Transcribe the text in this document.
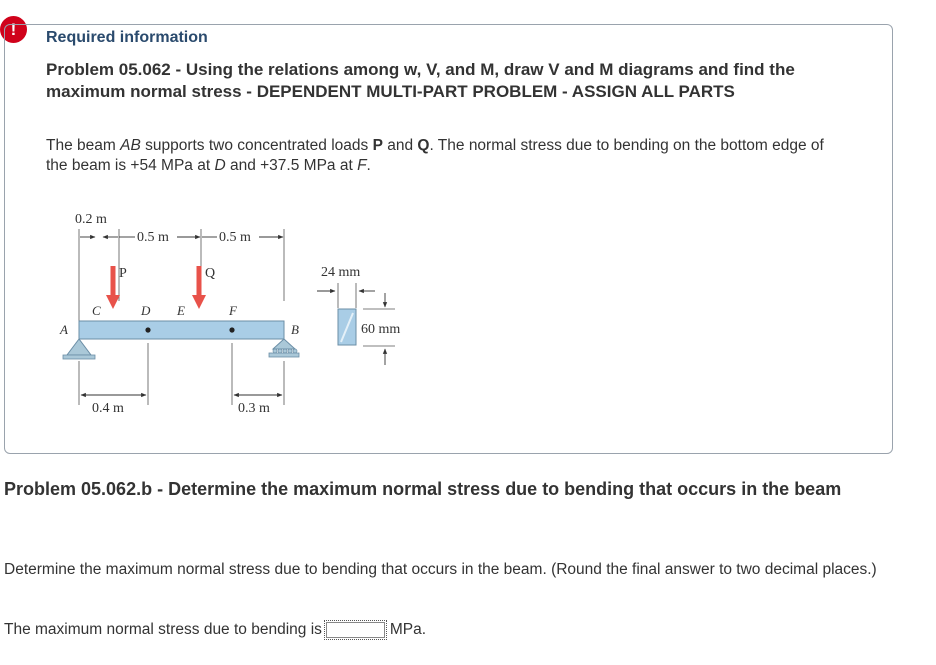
!	Required information
Problem 05.062 - Using the relations among w, V, and M, draw V and M diagrams and find the maximum normal stress - DEPENDENT MULTI-PART PROBLEM - ASSIGN ALL PARTS
The beam AB supports two concentrated loads P and Q. The normal stress due to bending on the bottom edge of the beam is +54 MPa at D and +37.5 MPa at F.
0.2 m
0.5 m	0.5 m
P	Q
C	D E	F
A	B
0.4 m	0.3 m
24 mm
60 mm
Problem 05.062.b - Determine the maximum normal stress due to bending that occurs in the beam
Determine the maximum normal stress due to bending that occurs in the beam. (Round the final answer to two decimal places.)
The maximum normal stress due to bending is	MPa.
